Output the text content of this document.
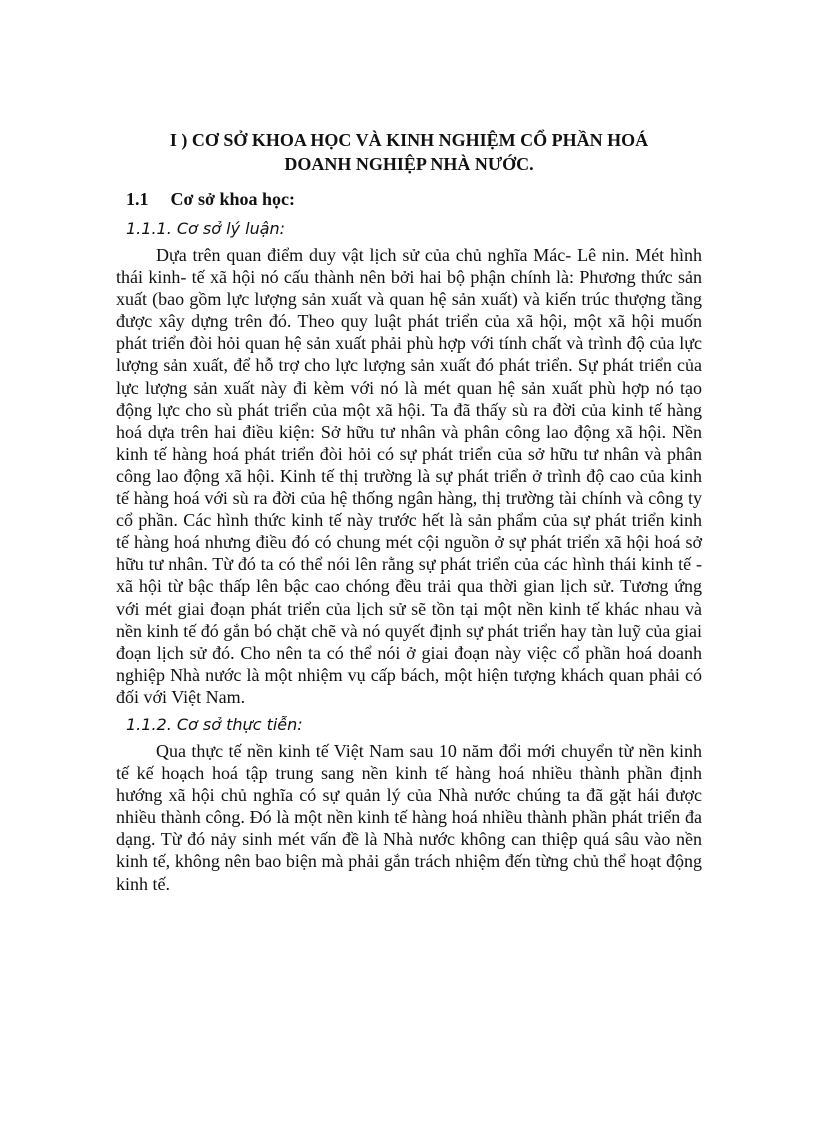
I ) CƠ SỞ KHOA HỌC VÀ KINH NGHIỆM CỔ PHẦN HOÁ
DOANH NGHIỆP NHÀ NƯỚC.

1.1 Cơ sở khoa học:
1.1.1. Cơ sở lý luận:

Dựa trên quan điểm duy vật lịch sử của chủ nghĩa Mác- Lê nin. Mét hình thái kinh- tế xã hội nó cấu thành nên bởi hai bộ phận chính là: Phương thức sản xuất (bao gồm lực lượng sản xuất và quan hệ sản xuất) và kiến trúc thượng tầng được xây dựng trên đó. Theo quy luật phát triển của xã hội, một xã hội muốn phát triển đòi hỏi quan hệ sản xuất phải phù hợp với tính chất và trình độ của lực lượng sản xuất, để hỗ trợ cho lực lượng sản xuất đó phát triển. Sự phát triển của lực lượng sản xuất này đi kèm với nó là mét quan hệ sản xuất phù hợp nó tạo động lực cho sù phát triển của một xã hội. Ta đã thấy sù ra đời của kinh tế hàng hoá dựa trên hai điều kiện: Sở hữu tư nhân và phân công lao động xã hội. Nền kinh tế hàng hoá phát triển đòi hỏi có sự phát triển của sở hữu tư nhân và phân công lao động xã hội. Kinh tế thị trường là sự phát triển ở trình độ cao của kinh tế hàng hoá với sù ra đời của hệ thống ngân hàng, thị trường tài chính và công ty cổ phần. Các hình thức kinh tế này trước hết là sản phẩm của sự phát triển kinh tế hàng hoá nhưng điều đó có chung mét cội nguồn ở sự phát triển xã hội hoá sở hữu tư nhân. Từ đó ta có thể nói lên rằng sự phát triển của các hình thái kinh tế - xã hội từ bậc thấp lên bậc cao chóng đều trải qua thời gian lịch sử. Tương ứng với mét giai đoạn phát triển của lịch sử sẽ tồn tại một nền kinh tế khác nhau và nền kinh tế đó gắn bó chặt chẽ và nó quyết định sự phát triển hay tàn luỹ của giai đoạn lịch sử đó. Cho nên ta có thể nói ở giai đoạn này việc cổ phần hoá doanh nghiệp Nhà nước là một nhiệm vụ cấp bách, một hiện tượng khách quan phải có đối với Việt Nam.

1.1.2. Cơ sở thực tiễn:

Qua thực tế nền kinh tế Việt Nam sau 10 năm đổi mới chuyển từ nền kinh tế kế hoạch hoá tập trung sang nền kinh tế hàng hoá nhiều thành phần định hướng xã hội chủ nghĩa có sự quản lý của Nhà nước chúng ta đã gặt hái được nhiều thành công. Đó là một nền kinh tế hàng hoá nhiều thành phần phát triển đa dạng. Từ đó nảy sinh mét vấn đề là Nhà nước không can thiệp quá sâu vào nền kinh tế, không nên bao biện mà phải gắn trách nhiệm đến từng chủ thể hoạt động kinh tế.
